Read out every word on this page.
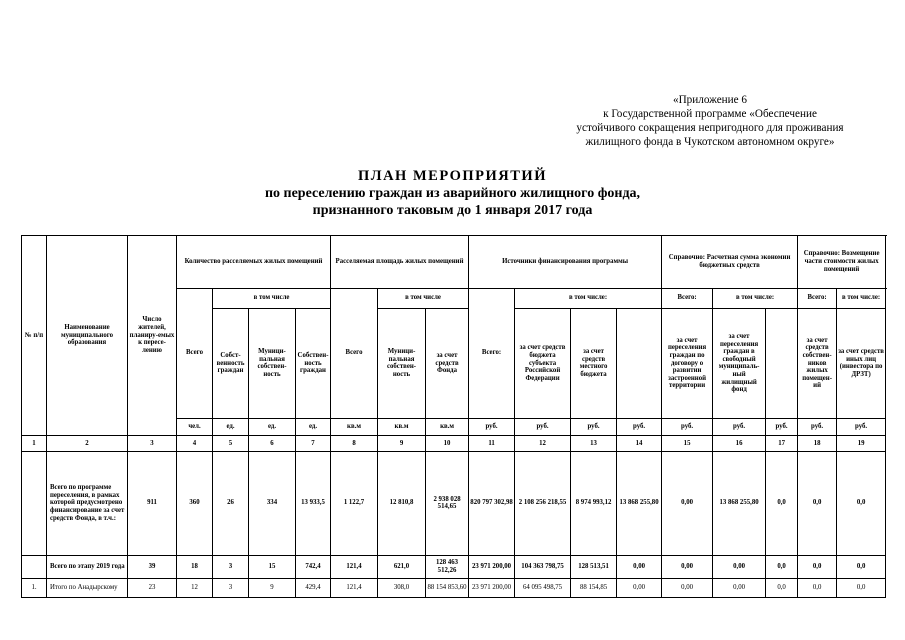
«Приложение 6
к Государственной программе «Обеспечение
устойчивого сокращения непригодного для проживания
жилищного фонда в Чукотском автономном округе»
ПЛАН МЕРОПРИЯТИЙ
по переселению граждан из аварийного жилищного фонда,
признанного таковым до 1 января 2017 года
№ п/п	Наименование муниципального образования	Число жителей, планиру-емых к пересе-лению	Количество расселяемых жилых помещений				Расселяемая площадь жилых помещений			Источники финансирования программы				Справочно: Расчетная сумма экономии бюджетных средств			Справочно: Возмещение части стоимости жилых помещений		
			Всего	в том числе			Всего	в том числе		Всего:	в том числе:			Всего:	в том числе:		Всего:	в том числе:	
				Собст-венность граждан	Муници-пальная собствен-ность	Собствен-ность граждан		Муници-пальная собствен-ность	за счет средств Фонда		за счет средств бюджета субъекта Российской Федерации	за счет средств местного бюджета		за счет переселения граждан по договору о развитии застроенной территории	за счет переселения граждан в свободный муниципаль-ный жилищный фонд		за счет средств собствен-ников жилых помещен-ий	за счет средств иных лиц (инвестора по ДРЗТ)	
			чел.	ед.	ед.	ед.	кв.м	кв.м	кв.м	руб.	руб.	руб.	руб.	руб.	руб.	руб.	руб.	руб.	
1	2	3	4	5	6	7	8	9	10	11	12	13	14	15	16	17	18	19	
	Всего по программе переселения, в рамках которой предусмотрено финансирование за счет средств Фонда, в т.ч.:	911	360	26	334	13 933,5	1 122,7	12 810,8	2 938 028 514,65	820 797 302,98	2 108 256 218,55	8 974 993,12	13 868 255,80	0,00	13 868 255,80	0,0	0,0	0,0	
	Всего по этапу 2019 года	39	18	3	15	742,4	121,4	621,0	128 463 512,26	23 971 200,00	104 363 798,75	128 513,51	0,00	0,00	0,00	0,0	0,0	0,0	
1.	Итого по Анадырскому	23	12	3	9	429,4	121,4	308,0	88 154 853,60	23 971 200,00	64 095 498,75	88 154,85	0,00	0,00	0,00	0,0	0,0	0,0	
